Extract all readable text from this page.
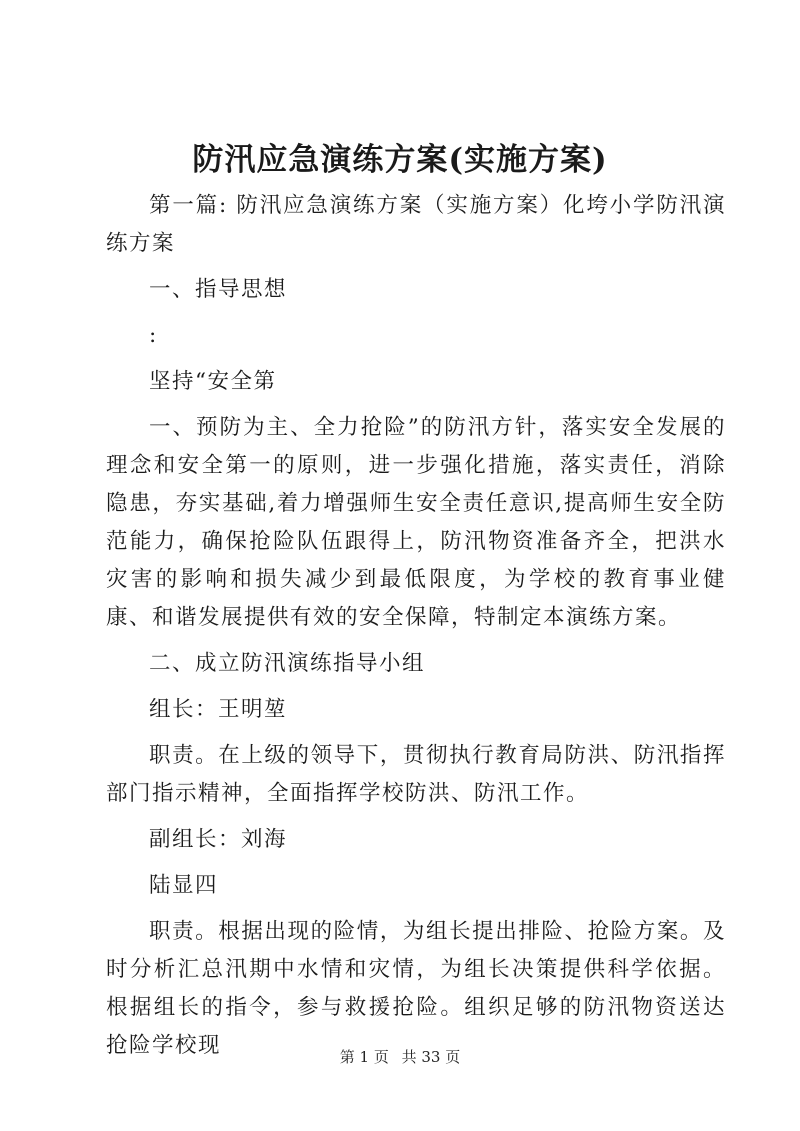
防汛应急演练方案(实施方案)

第一篇: 防汛应急演练方案（实施方案）化垮小学防汛演练方案

一、指导思想

:

坚持“安全第

一、预防为主、全力抢险”的防汛方针，落实安全发展的理念和安全第一的原则，进一步强化措施，落实责任，消除隐患，夯实基础,着力增强师生安全责任意识,提高师生安全防范能力，确保抢险队伍跟得上，防汛物资准备齐全，把洪水灾害的影响和损失减少到最低限度，为学校的教育事业健康、和谐发展提供有效的安全保障，特制定本演练方案。

二、成立防汛演练指导小组

组长：王明堃

职责。在上级的领导下，贯彻执行教育局防洪、防汛指挥部门指示精神，全面指挥学校防洪、防汛工作。

副组长：刘海

陆显四

职责。根据出现的险情，为组长提出排险、抢险方案。及时分析汇总汛期中水情和灾情，为组长决策提供科学依据。根据组长的指令，参与救援抢险。组织足够的防汛物资送达抢险学校现	第 1 页 共 33 页
